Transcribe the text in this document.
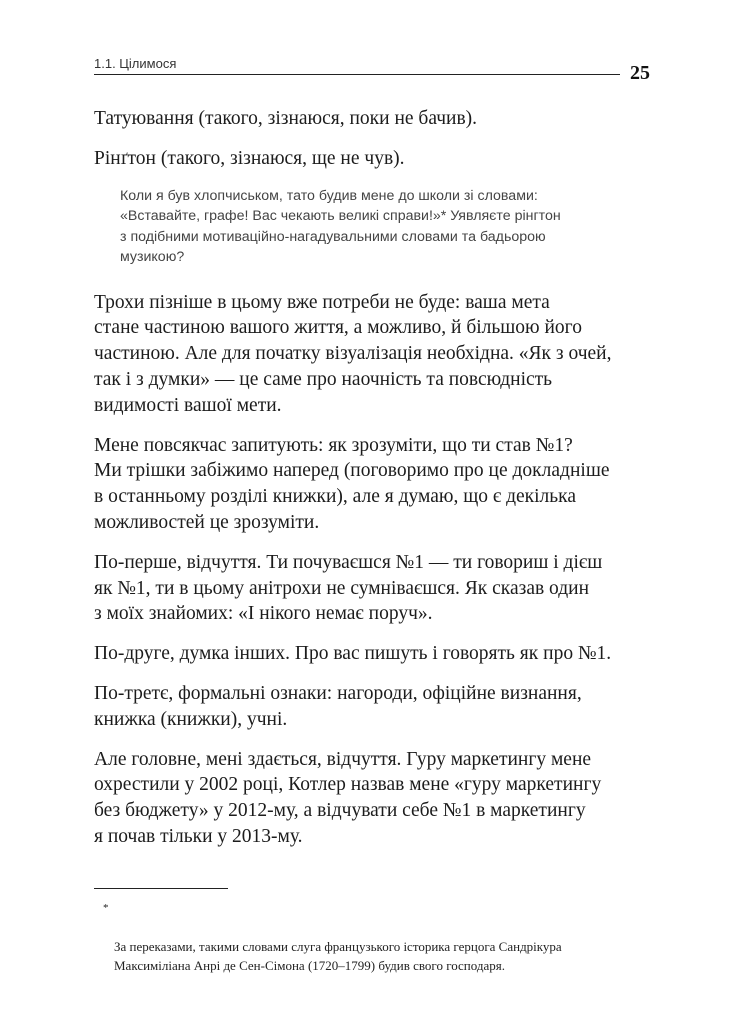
1.1. Цілимося	25

Татуювання (такого, зізнаюся, поки не бачив).

Рінґтон (такого, зізнаюся, ще не чув).

Коли я був хлопчиськом, тато будив мене до школи зі словами:
«Вставайте, графе! Вас чекають великі справи!»* Уявляєте рінгтон
з подібними мотиваційно-нагадувальними словами та бадьорою
музикою?

Трохи пізніше в цьому вже потреби не буде: ваша мета
стане частиною вашого життя, а можливо, й більшою його
частиною. Але для початку візуалізація необхідна. «Як з очей,
так і з думки» — це саме про наочність та повсюдність
видимості вашої мети.

Мене повсякчас запитують: як зрозуміти, що ти став №1?
Ми трішки забіжимо наперед (поговоримо про це докладніше
в останньому розділі книжки), але я думаю, що є декілька
можливостей це зрозуміти.

По-перше, відчуття. Ти почуваєшся №1 — ти говориш і дієш
як №1, ти в цьому анітрохи не сумніваєшся. Як сказав один
з моїх знайомих: «І нікого немає поруч».

По-друге, думка інших. Про вас пишуть і говорять як про №1.

По-третє, формальні ознаки: нагороди, офіційне визнання,
книжка (книжки), учні.

Але головне, мені здається, відчуття. Гуру маркетингу мене
охрестили у 2002 році, Котлер назвав мене «гуру маркетингу
без бюджету» у 2012-му, а відчувати себе №1 в маркетингу
я почав тільки у 2013-му.

*

За переказами, такими словами слуга французького історика герцога Сандрікура
Максиміліана Анрі де Сен-Сімона (1720–1799) будив свого господаря.
